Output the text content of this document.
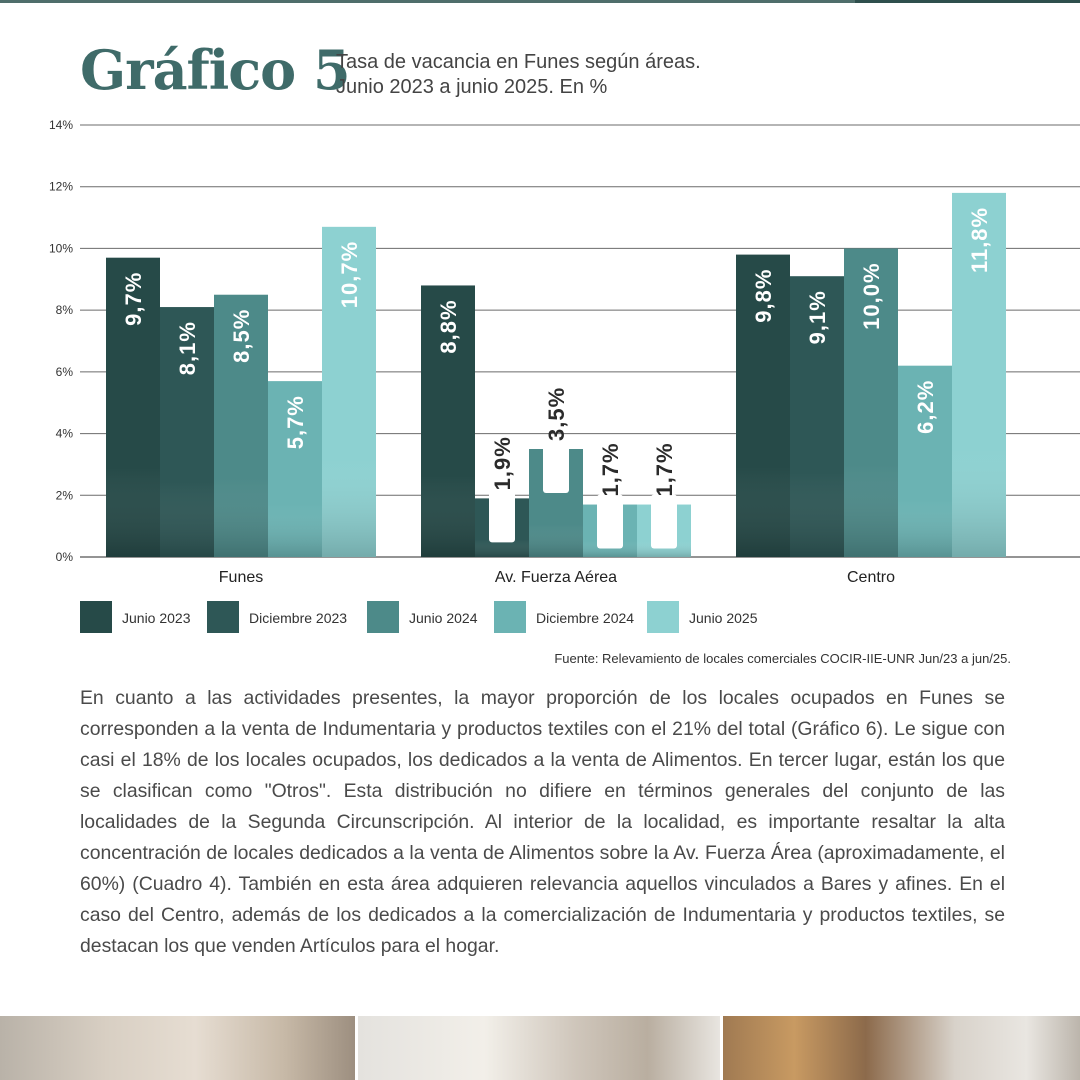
Gráfico 5
Tasa de vacancia en Funes según áreas.
Junio 2023 a junio 2025. En %
9,7%
8,1% 8,5%
5,7%
10,7%
8,8%
1,9%
3,5%
1,7% 1,7%
9,8% 9,1% 10,0%
6,2%
11,8%
0%
2%
4%
6%
8%
10%
12%
14%
Funes	Av. Fuerza Aérea	Centro
Junio 2023	Diciembre 2023	Junio 2024	Diciembre 2024	Junio 2025
Fuente: Relevamiento de locales comerciales COCIR-IIE-UNR Jun/23 a jun/25.
En cuanto a las actividades presentes, la mayor proporción de los locales ocupados en Funes se corresponden a la venta de Indumentaria y productos textiles con el 21% del total (Gráfico 6). Le sigue con casi el 18% de los locales ocupados, los dedicados a la venta de Alimentos. En tercer lugar, están los que se clasifican como "Otros". Esta distribución no difiere en términos generales del conjunto de las localidades de la Segunda Circunscripción. Al interior de la localidad, es importante resaltar la alta concentración de locales dedicados a la venta de Alimentos sobre la Av. Fuerza Área (aproximadamente, el 60%) (Cuadro 4). También en esta área adquieren relevancia aquellos vinculados a Bares y afines. En el caso del Centro, además de los dedicados a la comercialización de Indumentaria y productos textiles, se destacan los que venden Artículos para el hogar.
